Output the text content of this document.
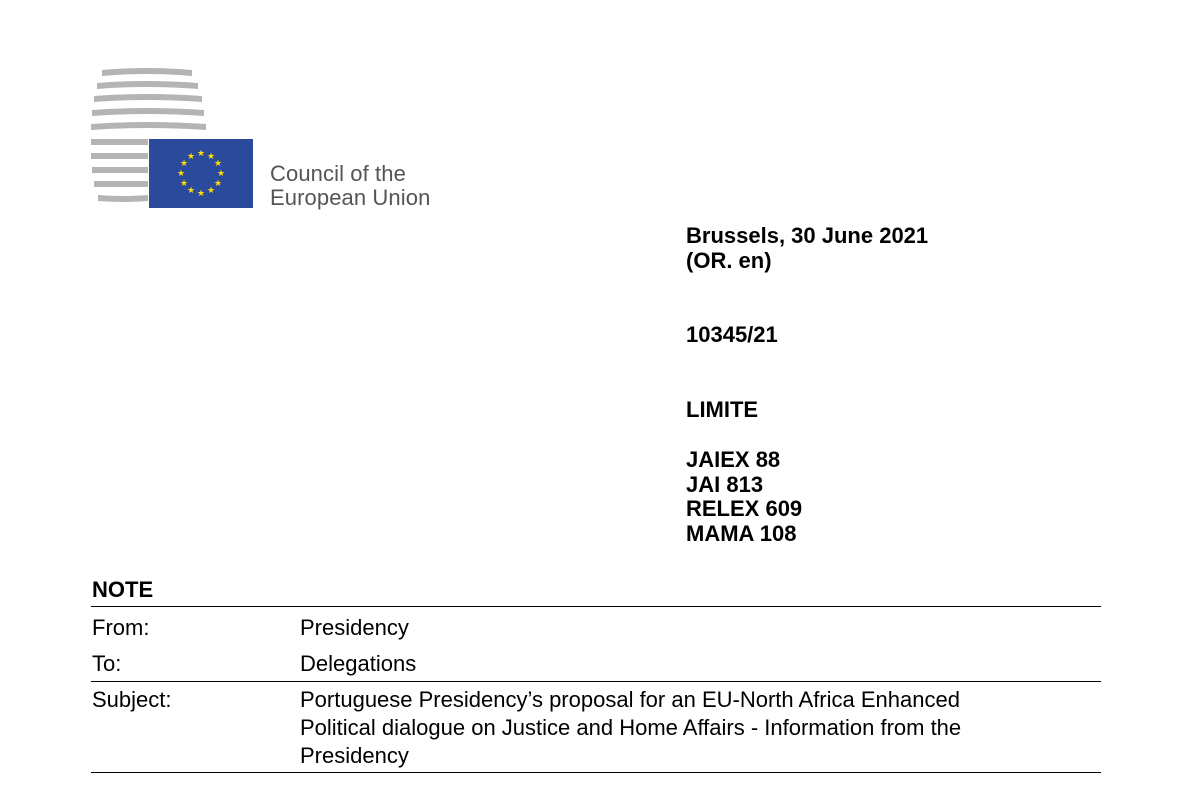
★ ★
★
★
★
★
★
★
★
★
★
★
Council of the
European Union
Brussels, 30 June 2021
(OR. en)
10345/21
LIMITE
JAIEX 88
JAI 813
RELEX 609
MAMA 108
NOTE
From:	Presidency
To:	Delegations
Subject:	Portuguese Presidency’s proposal for an EU-North Africa Enhanced
Political dialogue on Justice and Home Affairs - Information from the
Presidency
